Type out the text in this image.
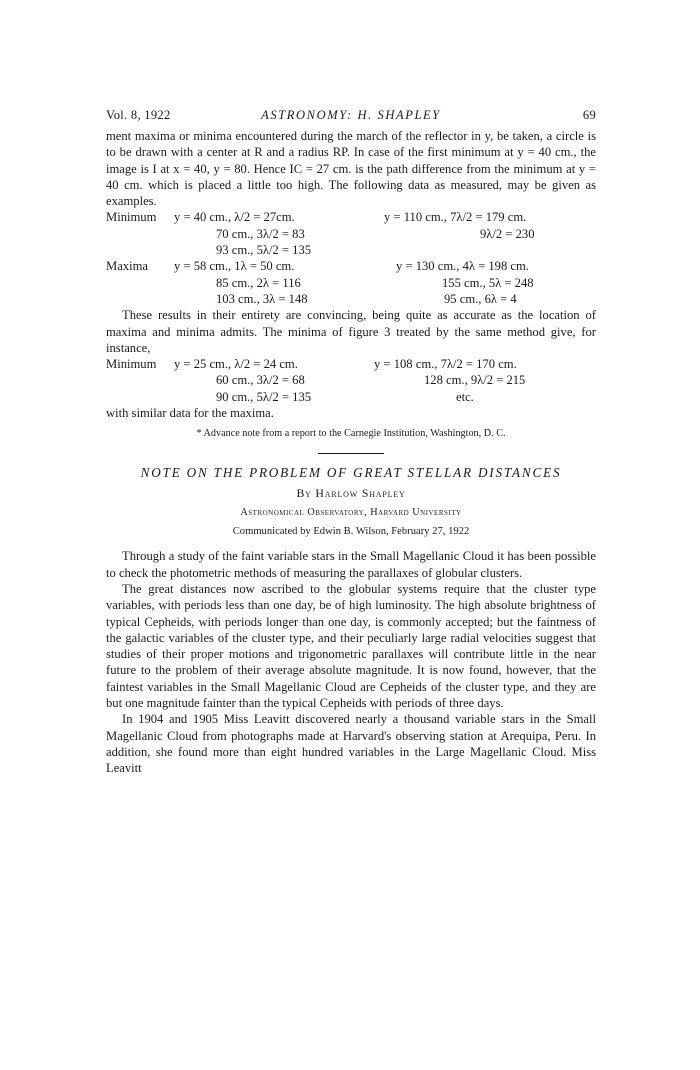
Vol. 8, 1922	ASTRONOMY: H. SHAPLEY	69

ment maxima or minima encountered during the march of the reflector in y, be taken, a circle is to be drawn with a center at R and a radius RP. In case of the first minimum at y = 40 cm., the image is I at x = 40, y = 80. Hence IC = 27 cm. is the path difference from the minimum at y = 40 cm. which is placed a little too high. The following data as measured, may be given as examples.

Minimum y = 40 cm., λ/2 = 27cm.	y = 110 cm., 7λ/2 = 179 cm.
70 cm., 3λ/2 = 83	9λ/2 = 230
93 cm., 5λ/2 = 135
Maxima y = 58 cm., 1λ = 50 cm.	y = 130 cm., 4λ = 198 cm.
85 cm., 2λ = 116	155 cm., 5λ = 248
103 cm., 3λ = 148	95 cm., 6λ = 4

These results in their entirety are convincing, being quite as accurate as the location of maxima and minima admits. The minima of figure 3 treated by the same method give, for instance,

Minimum y = 25 cm., λ/2 = 24 cm.	y = 108 cm., 7λ/2 = 170 cm.
60 cm., 3λ/2 = 68	128 cm., 9λ/2 = 215
90 cm., 5λ/2 = 135	etc.

with similar data for the maxima.

* Advance note from a report to the Carnegie Institution, Washington, D. C.

NOTE ON THE PROBLEM OF GREAT STELLAR DISTANCES

By Harlow Shapley

Astronomical Observatory, Harvard University

Communicated by Edwin B. Wilson, February 27, 1922

Through a study of the faint variable stars in the Small Magellanic Cloud it has been possible to check the photometric methods of measuring the parallaxes of globular clusters.

The great distances now ascribed to the globular systems require that the cluster type variables, with periods less than one day, be of high luminosity. The high absolute brightness of typical Cepheids, with periods longer than one day, is commonly accepted; but the faintness of the galactic variables of the cluster type, and their peculiarly large radial velocities suggest that studies of their proper motions and trigonometric parallaxes will contribute little in the near future to the problem of their average absolute magnitude. It is now found, however, that the faintest variables in the Small Magellanic Cloud are Cepheids of the cluster type, and they are but one magnitude fainter than the typical Cepheids with periods of three days.

In 1904 and 1905 Miss Leavitt discovered nearly a thousand variable stars in the Small Magellanic Cloud from photographs made at Harvard's observing station at Arequipa, Peru. In addition, she found more than eight hundred variables in the Large Magellanic Cloud. Miss Leavitt
